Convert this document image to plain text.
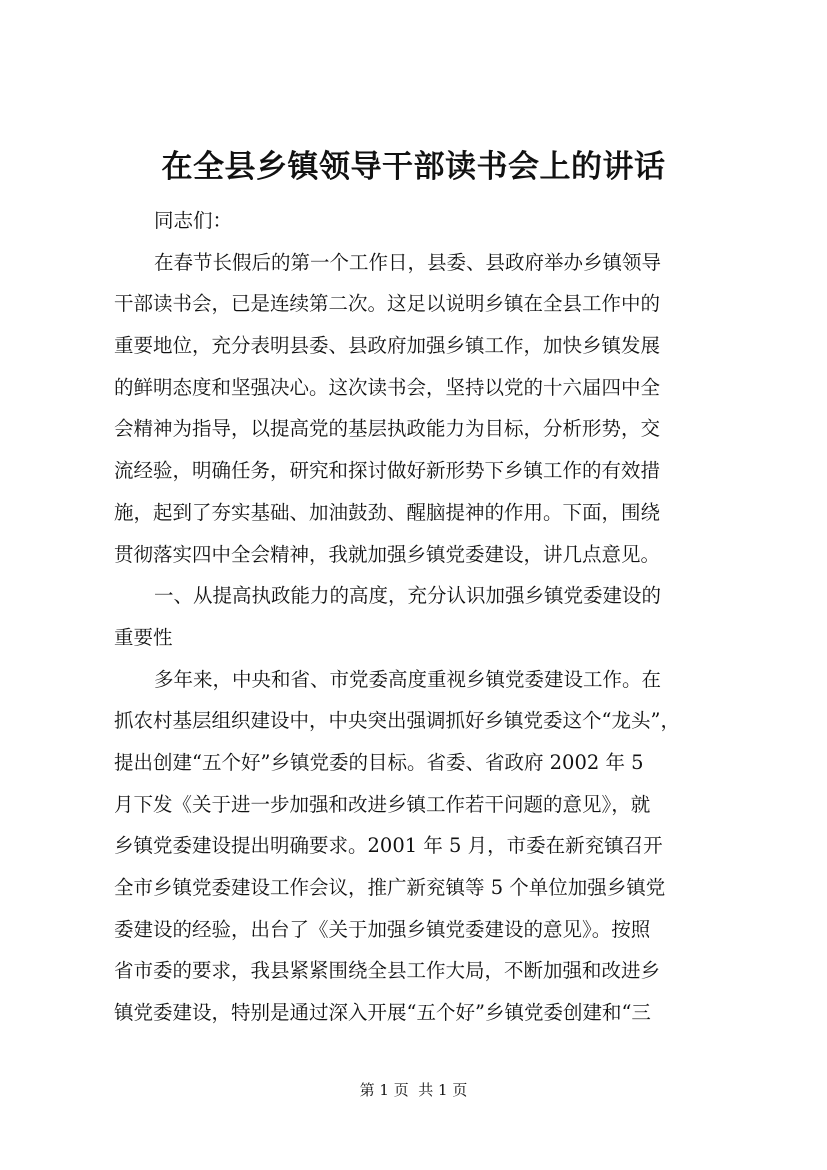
在全县乡镇领导干部读书会上的讲话
同志们：
在春节长假后的第一个工作日，县委、县政府举办乡镇领导
干部读书会，已是连续第二次。这足以说明乡镇在全县工作中的
重要地位，充分表明县委、县政府加强乡镇工作，加快乡镇发展
的鲜明态度和坚强决心。这次读书会，坚持以党的十六届四中全
会精神为指导，以提高党的基层执政能力为目标，分析形势，交
流经验，明确任务，研究和探讨做好新形势下乡镇工作的有效措
施，起到了夯实基础、加油鼓劲、醒脑提神的作用。下面，围绕
贯彻落实四中全会精神，我就加强乡镇党委建设，讲几点意见。
一、从提高执政能力的高度，充分认识加强乡镇党委建设的
重要性
多年来，中央和省、市党委高度重视乡镇党委建设工作。在
抓农村基层组织建设中，中央突出强调抓好乡镇党委这个“龙头”，
提出创建“五个好”乡镇党委的目标。省委、省政府 2002 年 5
月下发《关于进一步加强和改进乡镇工作若干问题的意见》，就
乡镇党委建设提出明确要求。2001 年 5 月，市委在新兖镇召开
全市乡镇党委建设工作会议，推广新兖镇等 5 个单位加强乡镇党
委建设的经验，出台了《关于加强乡镇党委建设的意见》。按照
省市委的要求，我县紧紧围绕全县工作大局，不断加强和改进乡
镇党委建设，特别是通过深入开展“五个好”乡镇党委创建和“三
第 1 页  共 1 页
